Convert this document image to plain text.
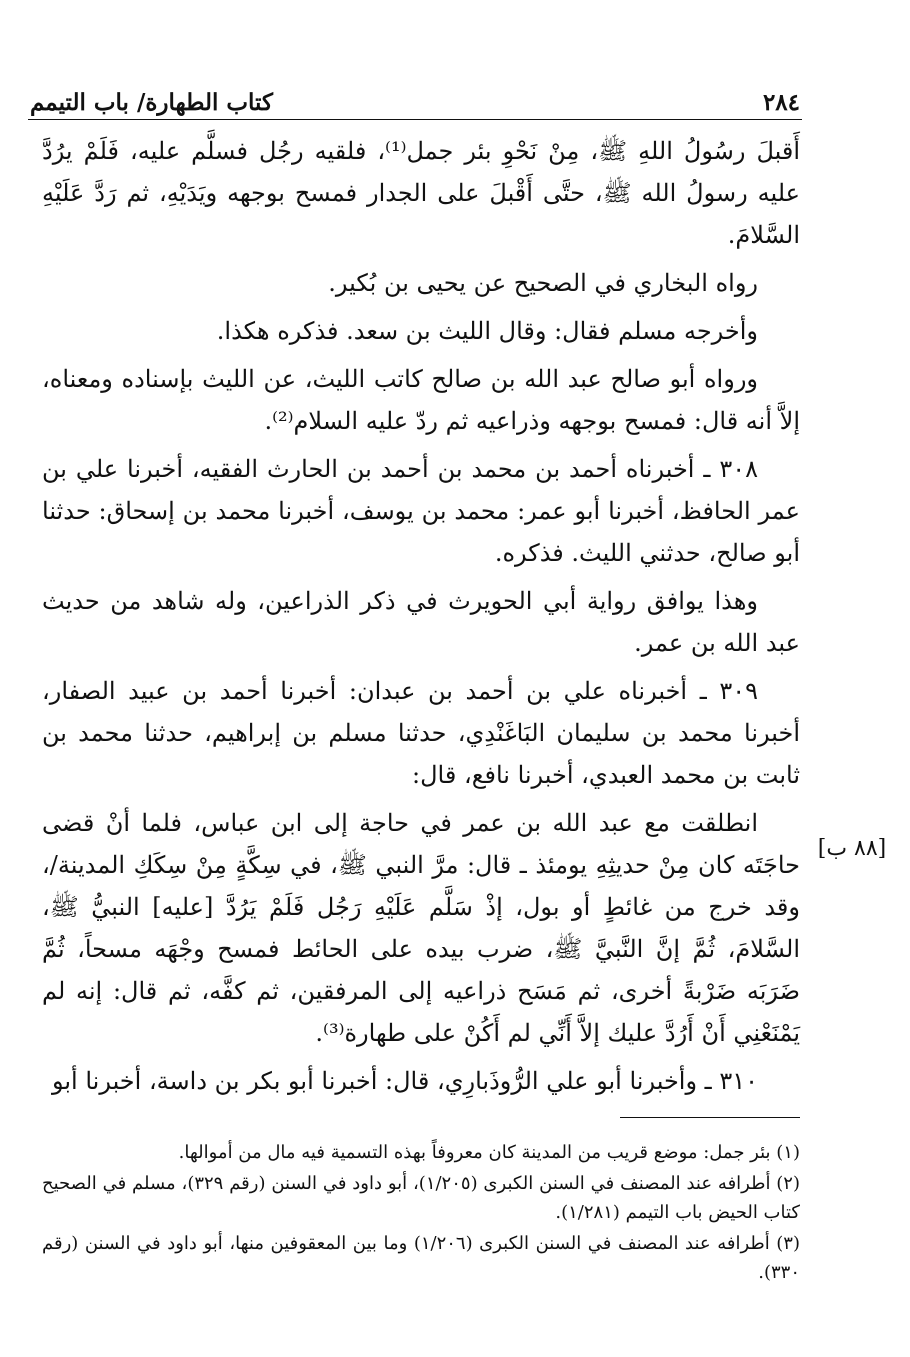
٢٨٤
كتاب الطهارة/ باب التيمم

أَقبلَ رسُولُ اللهِ ﷺ، مِنْ نَحْوِ بئر جمل⁽¹⁾، فلقيه رجُل فسلَّم عليه، فَلَمْ يرُدَّ عليه رسولُ الله ﷺ، حتَّى أَقْبلَ على الجدار فمسح بوجهه ويَدَيْهِ، ثم رَدَّ عَلَيْهِ السَّلامَ.

رواه البخاري في الصحيح عن يحيى بن بُكير.

وأخرجه مسلم فقال: وقال الليث بن سعد. فذكره هكذا.

ورواه أبو صالح عبد الله بن صالح كاتب الليث، عن الليث بإسناده ومعناه، إلاَّ أنه قال: فمسح بوجهه وذراعيه ثم ردّ عليه السلام⁽²⁾.

٣٠٨ ـ أخبرناه أحمد بن محمد بن أحمد بن الحارث الفقيه، أخبرنا علي بن عمر الحافظ، أخبرنا أبو عمر: محمد بن يوسف، أخبرنا محمد بن إسحاق: حدثنا أبو صالح، حدثني الليث. فذكره.

وهذا يوافق رواية أبي الحويرث في ذكر الذراعين، وله شاهد من حديث عبد الله بن عمر.

٣٠٩ ـ أخبرناه علي بن أحمد بن عبدان: أخبرنا أحمد بن عبيد الصفار، أخبرنا محمد بن سليمان البَاغَنْدِي، حدثنا مسلم بن إبراهيم، حدثنا محمد بن ثابت بن محمد العبدي، أخبرنا نافع، قال:

انطلقت مع عبد الله بن عمر في حاجة إلى ابن عباس، فلما أنْ قضى حاجَتَه كان مِنْ حديثِهِ يومئذ ـ قال: مرَّ النبي ﷺ، في سِكَّةٍ مِنْ سِكَكِ المدينة/، وقد خرج من غائطٍ أو بول، إذْ سَلَّم عَلَيْهِ رَجُل فَلَمْ يَرُدَّ [عليه] النبيُّ ﷺ، السَّلامَ، ثُمَّ إنَّ النَّبيَّ ﷺ، ضرب بيده على الحائط فمسح وجْهَه مسحاً، ثُمَّ ضَرَبَه ضَرْبةً أخرى، ثم مَسَح ذراعيه إلى المرفقين، ثم كفَّه، ثم قال: إنه لم يَمْنَعْنِي أَنْ أَرُدَّ عليك إلاَّ أَنِّي لم أَكُنْ على طهارة⁽³⁾.

٣١٠ ـ وأخبرنا أبو علي الرُّوذَبارِي، قال: أخبرنا أبو بكر بن داسة، أخبرنا أبو

[٨٨ ب]

(١) بئر جمل: موضع قريب من المدينة كان معروفاً بهذه التسمية فيه مال من أموالها.

(٢) أطرافه عند المصنف في السنن الكبرى (١/٢٠٥)، أبو داود في السنن (رقم ٣٢٩)، مسلم في الصحيح كتاب الحيض باب التيمم (١/٢٨١).

(٣) أطرافه عند المصنف في السنن الكبرى (١/٢٠٦) وما بين المعقوفين منها، أبو داود في السنن (رقم ٣٣٠).
